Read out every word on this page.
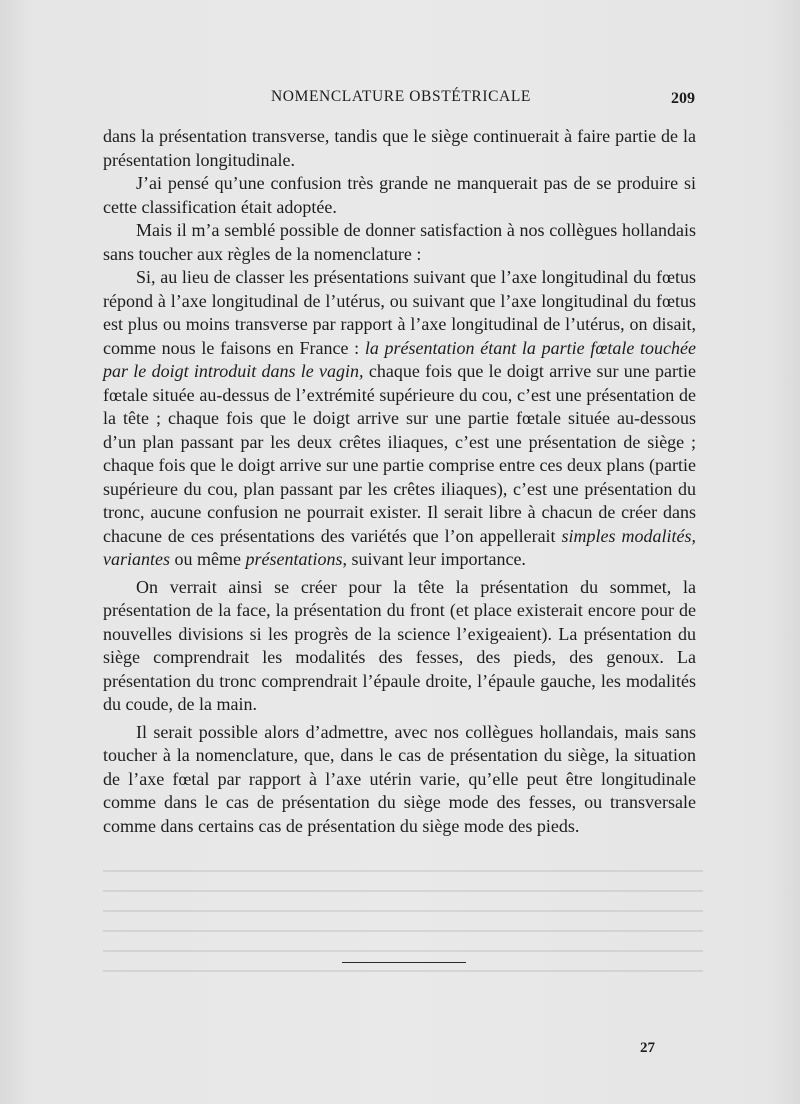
NOMENCLATURE OBSTÉTRICALE	209

dans la présentation transverse, tandis que le siège continuerait à faire partie de la présentation longitudinale.

J’ai pensé qu’une confusion très grande ne manquerait pas de se produire si cette classification était adoptée.

Mais il m’a semblé possible de donner satisfaction à nos collègues hollandais sans toucher aux règles de la nomenclature :

Si, au lieu de classer les présentations suivant que l’axe longitudinal du fœtus répond à l’axe longitudinal de l’utérus, ou suivant que l’axe longitudinal du fœtus est plus ou moins transverse par rapport à l’axe longitudinal de l’utérus, on disait, comme nous le faisons en France : la présentation étant la partie fœtale touchée par le doigt introduit dans le vagin, chaque fois que le doigt arrive sur une partie fœtale située au-dessus de l’extrémité supérieure du cou, c’est une présentation de la tête ; chaque fois que le doigt arrive sur une partie fœtale située au-dessous d’un plan passant par les deux crêtes iliaques, c’est une présentation de siège ; chaque fois que le doigt arrive sur une partie comprise entre ces deux plans (partie supérieure du cou, plan passant par les crêtes iliaques), c’est une présentation du tronc, aucune confusion ne pourrait exister. Il serait libre à chacun de créer dans chacune de ces présentations des variétés que l’on appellerait simples modalités, variantes ou même présentations, suivant leur importance.

On verrait ainsi se créer pour la tête la présentation du sommet, la présentation de la face, la présentation du front (et place existerait encore pour de nouvelles divisions si les progrès de la science l’exigeaient). La présentation du siège comprendrait les modalités des fesses, des pieds, des genoux. La présentation du tronc comprendrait l’épaule droite, l’épaule gauche, les modalités du coude, de la main.

Il serait possible alors d’admettre, avec nos collègues hollandais, mais sans toucher à la nomenclature, que, dans le cas de présentation du siège, la situation de l’axe fœtal par rapport à l’axe utérin varie, qu’elle peut être longitudinale comme dans le cas de présentation du siège mode des fesses, ou transversale comme dans certains cas de présentation du siège mode des pieds.

27
